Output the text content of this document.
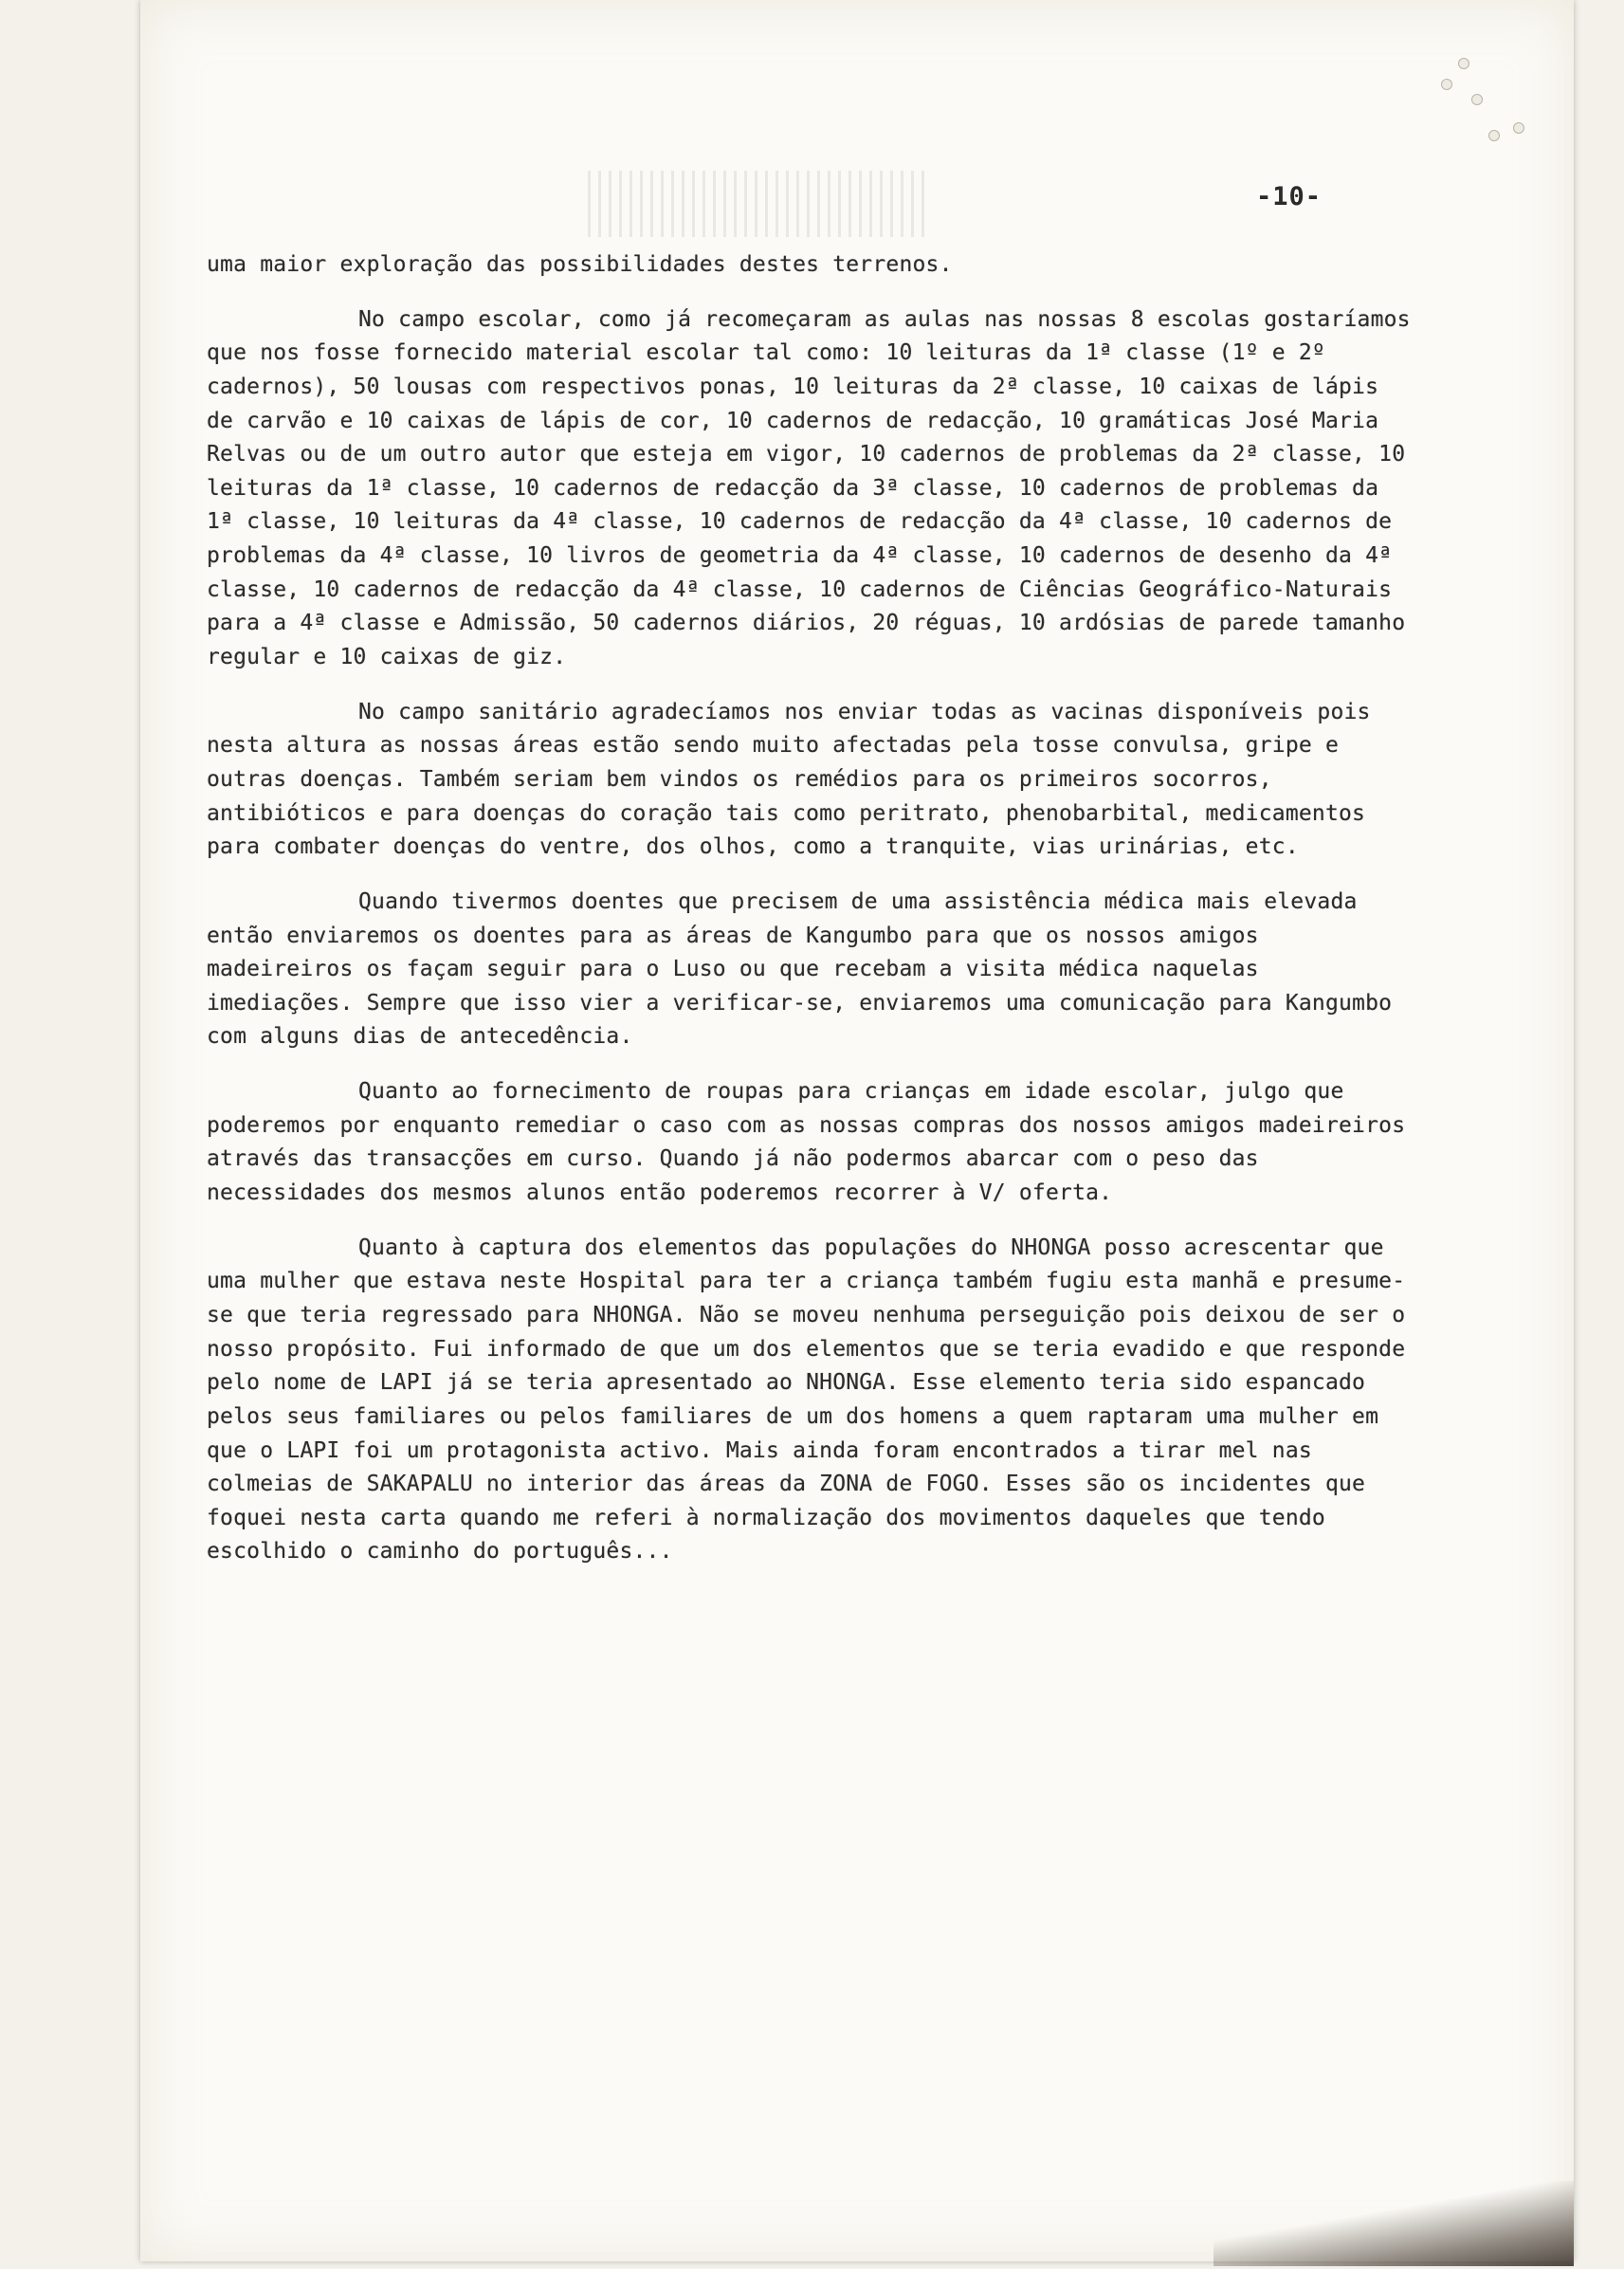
-10-

uma maior exploração das possibilidades destes terrenos.

No campo escolar, como já recomeçaram as aulas nas nossas 8 escolas gostaríamos que nos fosse fornecido material escolar tal como: 10 leituras da 1ª classe (1º e 2º cadernos), 50 lousas com respectivos ponas, 10 leituras da 2ª classe, 10 caixas de lápis de carvão e 10 caixas de lápis de cor, 10 cadernos de redacção, 10 gramáticas José Maria Relvas ou de um outro autor que esteja em vigor, 10 cadernos de problemas da 2ª classe, 10 leituras da 1ª classe, 10 cadernos de redacção da 3ª classe, 10 cadernos de problemas da 1ª classe, 10 leituras da 4ª classe, 10 cadernos de redacção da 4ª classe, 10 cadernos de problemas da 4ª classe, 10 livros de geometria da 4ª classe, 10 cadernos de desenho da 4ª classe, 10 cadernos de redacção da 4ª classe, 10 cadernos de Ciências Geográfico-Naturais para a 4ª classe e Admissão, 50 cadernos diários, 20 réguas, 10 ardósias de parede tamanho regular e 10 caixas de giz.

No campo sanitário agradecíamos nos enviar todas as vacinas disponíveis pois nesta altura as nossas áreas estão sendo muito afectadas pela tosse convulsa, gripe e outras doenças. Também seriam bem vindos os remédios para os primeiros socorros, antibióticos e para doenças do coração tais como peritrato, phenobarbital, medicamentos para combater doenças do ventre, dos olhos, como a tranquite, vias urinárias, etc.

Quando tivermos doentes que precisem de uma assistência médica mais elevada então enviaremos os doentes para as áreas de Kangumbo para que os nossos amigos madeireiros os façam seguir para o Luso ou que recebam a visita médica naquelas imediações. Sempre que isso vier a verificar-se, enviaremos uma comunicação para Kangumbo com alguns dias de antecedência.

Quanto ao fornecimento de roupas para crianças em idade escolar, julgo que poderemos por enquanto remediar o caso com as nossas compras dos nossos amigos madeireiros através das transacções em curso. Quando já não podermos abarcar com o peso das necessidades dos mesmos alunos então poderemos recorrer à V/ oferta.

Quanto à captura dos elementos das populações do NHONGA posso acrescentar que uma mulher que estava neste Hospital para ter a criança também fugiu esta manhã e presume-se que teria regressado para NHONGA. Não se moveu nenhuma perseguição pois deixou de ser o nosso propósito. Fui informado de que um dos elementos que se teria evadido e que responde pelo nome de LAPI já se teria apresentado ao NHONGA. Esse elemento teria sido espancado pelos seus familiares ou pelos familiares de um dos homens a quem raptaram uma mulher em que o LAPI foi um protagonista activo. Mais ainda foram encontrados a tirar mel nas colmeias de SAKAPALU no interior das áreas da ZONA de FOGO. Esses são os incidentes que foquei nesta carta quando me referi à normalização dos movimentos daqueles que tendo escolhido o caminho do português...
